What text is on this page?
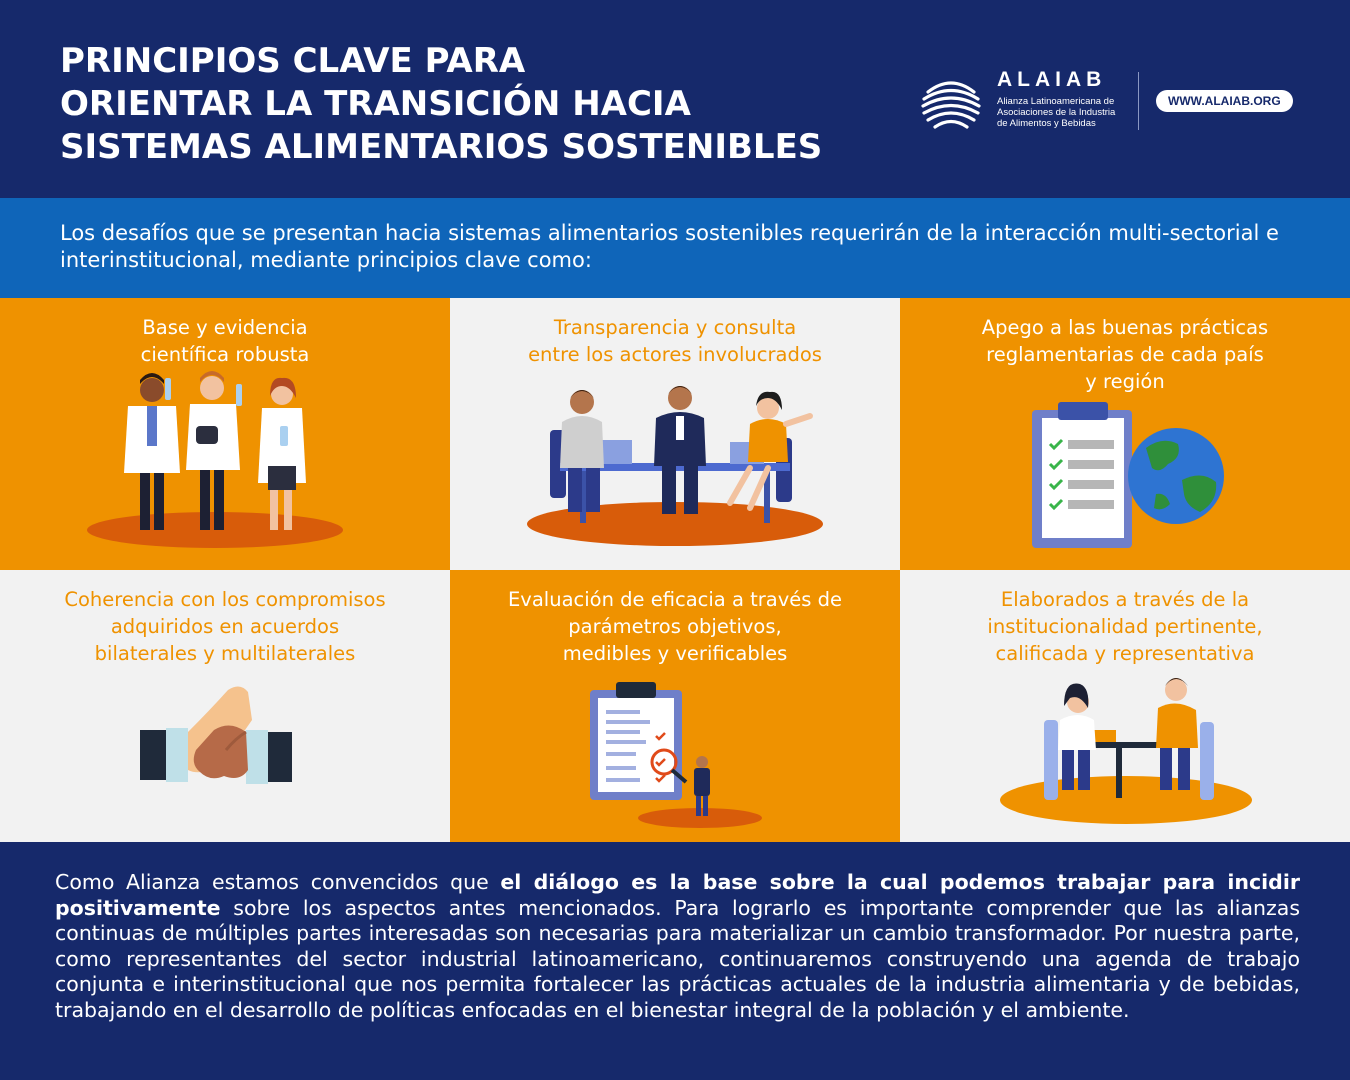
PRINCIPIOS CLAVE PARA
ORIENTAR LA TRANSICIÓN HACIA
SISTEMAS ALIMENTARIOS SOSTENIBLES
ALAIAB
Alianza Latinoamericana de
Asociaciones de la Industria
de Alimentos y Bebidas
WWW.ALAIAB.ORG

Los desafíos que se presentan hacia sistemas alimentarios sostenibles requerirán de la interacción multi-sectorial e interinstitucional, mediante principios clave como:

Base y evidencia
científica robusta

Transparencia y consulta
entre los actores involucrados

Apego a las buenas prácticas
reglamentarias de cada país
y región

Coherencia con los compromisos
adquiridos en acuerdos
bilaterales y multilaterales

Evaluación de eficacia a través de
parámetros objetivos,
medibles y verificables

Elaborados a través de la
institucionalidad pertinente,
calificada y representativa

Como Alianza estamos convencidos que el diálogo es la base sobre la cual podemos trabajar para incidir positivamente sobre los aspectos antes mencionados. Para lograrlo es importante comprender que las alianzas continuas de múltiples partes interesadas son necesarias para materializar un cambio transformador. Por nuestra parte, como representantes del sector industrial latinoamericano, continuaremos construyendo una agenda de trabajo conjunta e interinstitucional que nos permita fortalecer las prácticas actuales de la industria alimentaria y de bebidas, trabajando en el desarrollo de políticas enfocadas en el bienestar integral de la población y el ambiente.
